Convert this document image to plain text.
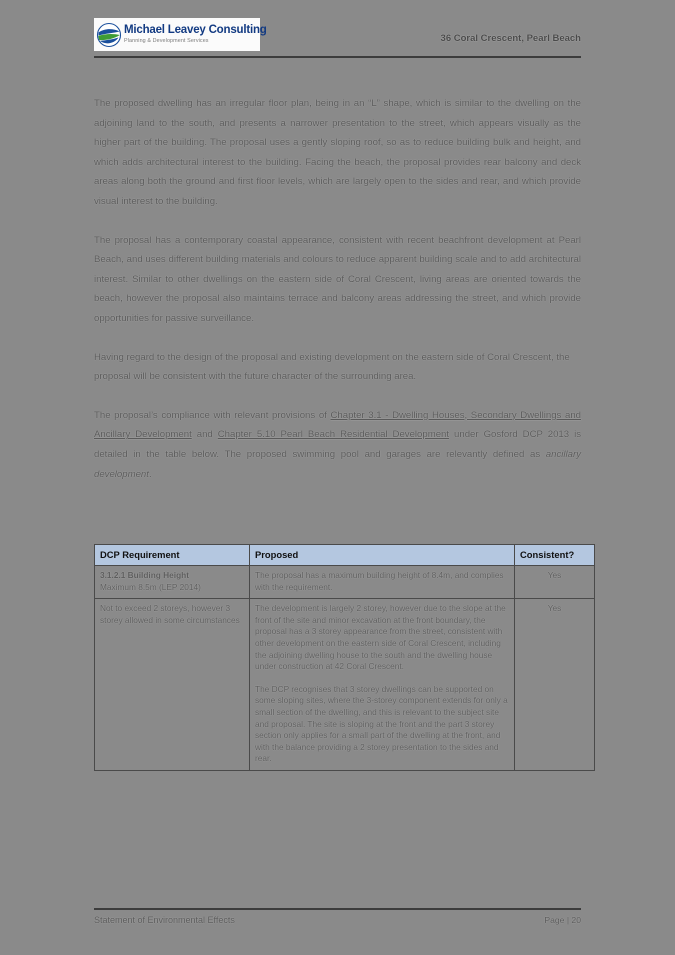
Michael Leavey Consulting
Planning & Development Services	36 Coral Crescent, Pearl Beach

The proposed dwelling has an irregular floor plan, being in an “L” shape, which is similar to the dwelling on the adjoining land to the south, and presents a narrower presentation to the street, which appears visually as the higher part of the building. The proposal uses a gently sloping roof, so as to reduce building bulk and height, and which adds architectural interest to the building. Facing the beach, the proposal provides rear balcony and deck areas along both the ground and first floor levels, which are largely open to the sides and rear, and which provide visual interest to the building.

The proposal has a contemporary coastal appearance, consistent with recent beachfront development at Pearl Beach, and uses different building materials and colours to reduce apparent building scale and to add architectural interest. Similar to other dwellings on the eastern side of Coral Crescent, living areas are oriented towards the beach, however the proposal also maintains terrace and balcony areas addressing the street, and which provide opportunities for passive surveillance.

Having regard to the design of the proposal and existing development on the eastern side of Coral Crescent, the proposal will be consistent with the future character of the surrounding area.

The proposal’s compliance with relevant provisions of Chapter 3.1 - Dwelling Houses, Secondary Dwellings and Ancillary Development and Chapter 5.10 Pearl Beach Residential Development under Gosford DCP 2013 is detailed in the table below. The proposed swimming pool and garages are relevantly defined as ancillary development.

DCP Requirement	Proposed	Consistent?

3.1.2.1 Building Height
Maximum 8.5m (LEP 2014)	The proposal has a maximum building height of 8.4m, and complies with the requirement.	Yes
Not to exceed 2 storeys, however 3 storey allowed in some circumstances	The development is largely 2 storey, however due to the slope at the front of the site and minor excavation at the front boundary, the proposal has a 3 storey appearance from the street, consistent with other development on the eastern side of Coral Crescent, including the adjoining dwelling house to the south and the dwelling house under construction at 42 Coral Crescent.

The DCP recognises that 3 storey dwellings can be supported on some sloping sites, where the 3-storey component extends for only a small section of the dwelling, and this is relevant to the subject site and proposal. The site is sloping at the front and the part 3 storey section only applies for a small part of the dwelling at the front, and with the balance providing a 2 storey presentation to the sides and rear.	Yes
Statement of Environmental Effects	Page | 20
